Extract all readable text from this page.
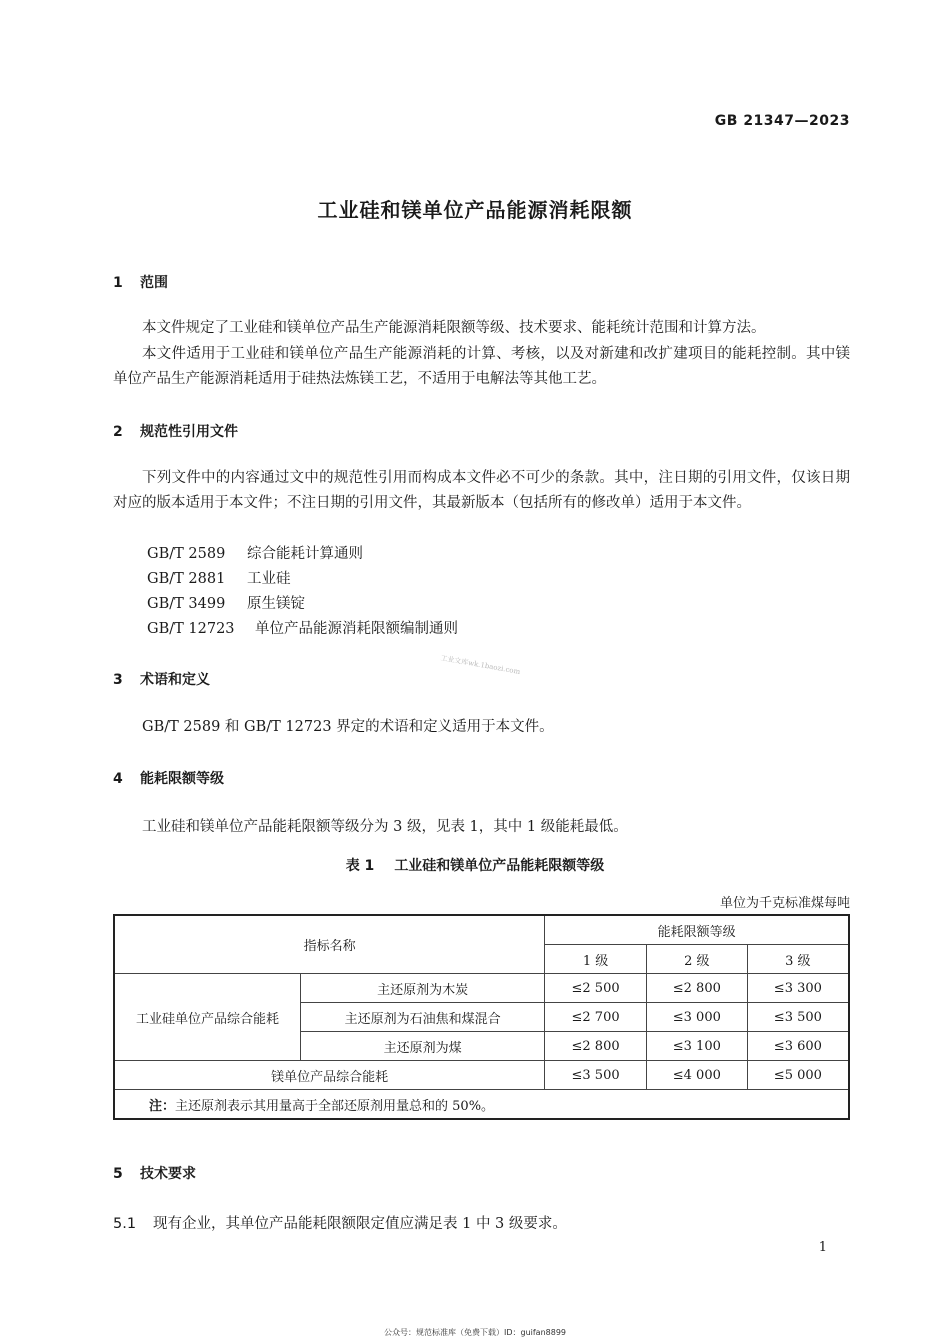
GB 21347—2023
工业硅和镁单位产品能源消耗限额
1 范围
本文件规定了工业硅和镁单位产品生产能源消耗限额等级、技术要求、能耗统计范围和计算方法。
本文件适用于工业硅和镁单位产品生产能源消耗的计算、考核，以及对新建和改扩建项目的能耗控制。其中镁单位产品生产能源消耗适用于硅热法炼镁工艺，不适用于电解法等其他工艺。
2 规范性引用文件
下列文件中的内容通过文中的规范性引用而构成本文件必不可少的条款。其中，注日期的引用文件，仅该日期对应的版本适用于本文件；不注日期的引用文件，其最新版本（包括所有的修改单）适用于本文件。
GB/T 2589 综合能耗计算通则
GB/T 2881 工业硅
GB/T 3499 原生镁锭
GB/T 12723 单位产品能源消耗限额编制通则
工业文库wk.1baozi.com
3 术语和定义
GB/T 2589 和 GB/T 12723 界定的术语和定义适用于本文件。
4 能耗限额等级
工业硅和镁单位产品能耗限额等级分为 3 级，见表 1，其中 1 级能耗最低。
表 1 工业硅和镁单位产品能耗限额等级
单位为千克标准煤每吨
指标名称		能耗限额等级		
		1 级	2 级	3 级
工业硅单位产品综合能耗	主还原剂为木炭	≤2 500	≤2 800	≤3 300
	主还原剂为石油焦和煤混合	≤2 700	≤3 000	≤3 500
	主还原剂为煤	≤2 800	≤3 100	≤3 600
镁单位产品综合能耗		≤3 500	≤4 000	≤5 000
注：主还原剂表示其用量高于全部还原剂用量总和的 50%。				
5 技术要求
5.1 现有企业，其单位产品能耗限额限定值应满足表 1 中 3 级要求。
1
公众号：规范标准库（免费下载）ID：guifan8899
